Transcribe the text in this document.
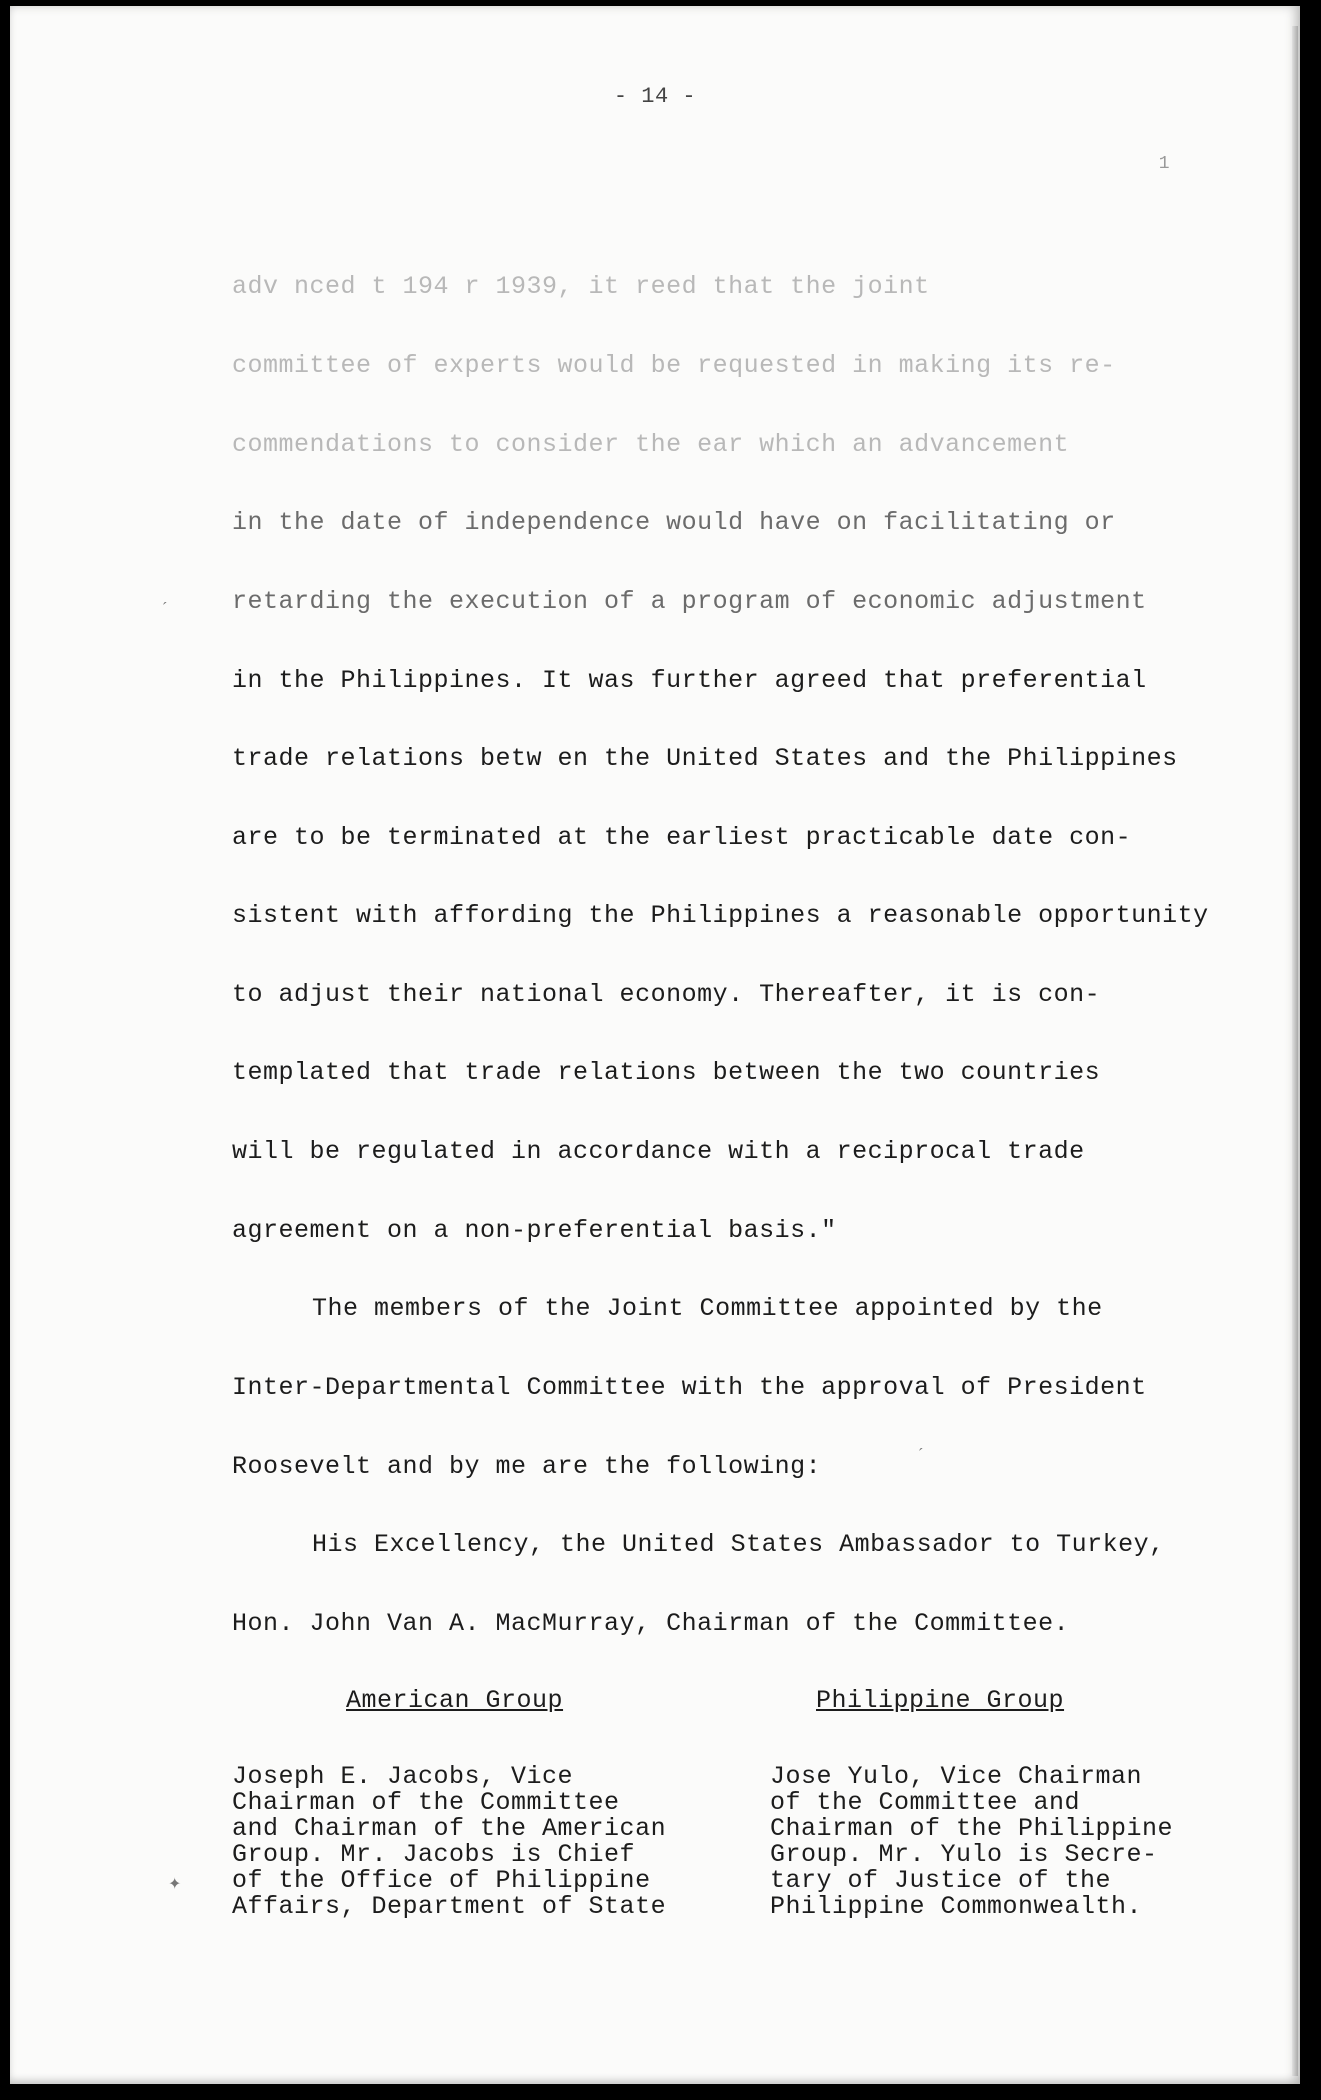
- 14 -
1
adv nced t 194 r 1939, it reed that the joint
committee of experts would be requested in making its re-
commendations to consider the ear which an advancement
in the date of independence would have on facilitating or
retarding the execution of a program of economic adjustment
in the Philippines. It was further agreed that preferential
trade relations betw en the United States and the Philippines
are to be terminated at the earliest practicable date con-
sistent with affording the Philippines a reasonable opportunity
to adjust their national economy. Thereafter, it is con-
templated that trade relations between the two countries
will be regulated in accordance with a reciprocal trade
agreement on a non-preferential basis."
The members of the Joint Committee appointed by the
Inter-Departmental Committee with the approval of President
Roosevelt and by me are the following:
His Excellency, the United States Ambassador to Turkey,
Hon. John Van A. MacMurray, Chairman of the Committee.
American Group	Philippine Group
Joseph E. Jacobs, Vice
Chairman of the Committee
and Chairman of the American
Group. Mr. Jacobs is Chief
of the Office of Philippine
Affairs, Department of State
Jose Yulo, Vice Chairman
of the Committee and
Chairman of the Philippine
Group. Mr. Yulo is Secre-
tary of Justice of the
Philippine Commonwealth.
ˊ
✦
ˊ
